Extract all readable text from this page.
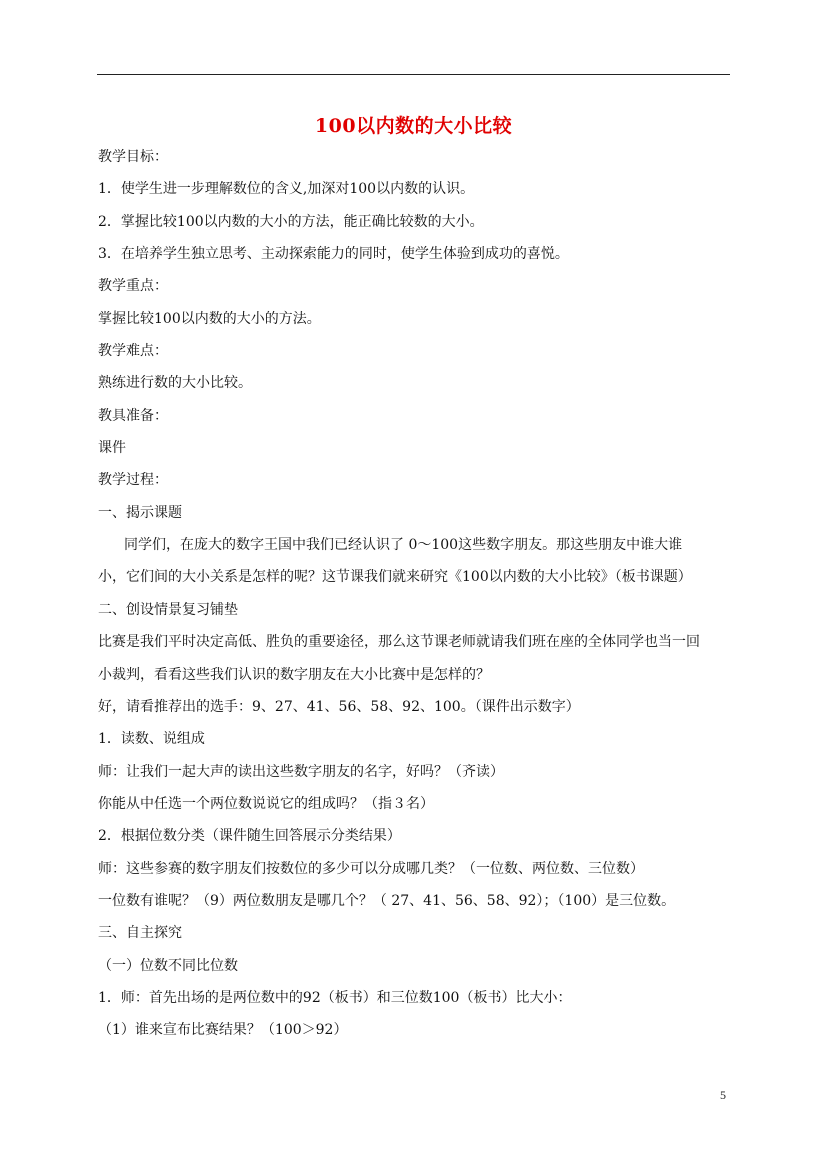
100以内数的大小比较
教学目标：
1．使学生进一步理解数位的含义,加深对100以内数的认识。
2．掌握比较100以内数的大小的方法，能正确比较数的大小。
3．在培养学生独立思考、主动探索能力的同时，使学生体验到成功的喜悦。
教学重点：
掌握比较100以内数的大小的方法。
教学难点：
熟练进行数的大小比较。
教具准备：
课件
教学过程：
一、揭示课题
同学们，在庞大的数字王国中我们已经认识了 0～100这些数字朋友。那这些朋友中谁大谁
小，它们间的大小关系是怎样的呢？这节课我们就来研究《100以内数的大小比较》（板书课题）
二、创设情景复习铺垫
比赛是我们平时决定高低、胜负的重要途径，那么这节课老师就请我们班在座的全体同学也当一回
小裁判，看看这些我们认识的数字朋友在大小比赛中是怎样的？
好，请看推荐出的选手：9、27、41、56、58、92、100。（课件出示数字）
1．读数、说组成
师：让我们一起大声的读出这些数字朋友的名字，好吗？（齐读）
你能从中任选一个两位数说说它的组成吗？（指３名）
2．根据位数分类（课件随生回答展示分类结果）
师：这些参赛的数字朋友们按数位的多少可以分成哪几类？（一位数、两位数、三位数）
一位数有谁呢？（9）两位数朋友是哪几个？（ 27、41、56、58、92）；（100）是三位数。
三、自主探究
（一）位数不同比位数
1．师：首先出场的是两位数中的92（板书）和三位数100（板书）比大小：
（1）谁来宣布比赛结果？（100＞92）
5
